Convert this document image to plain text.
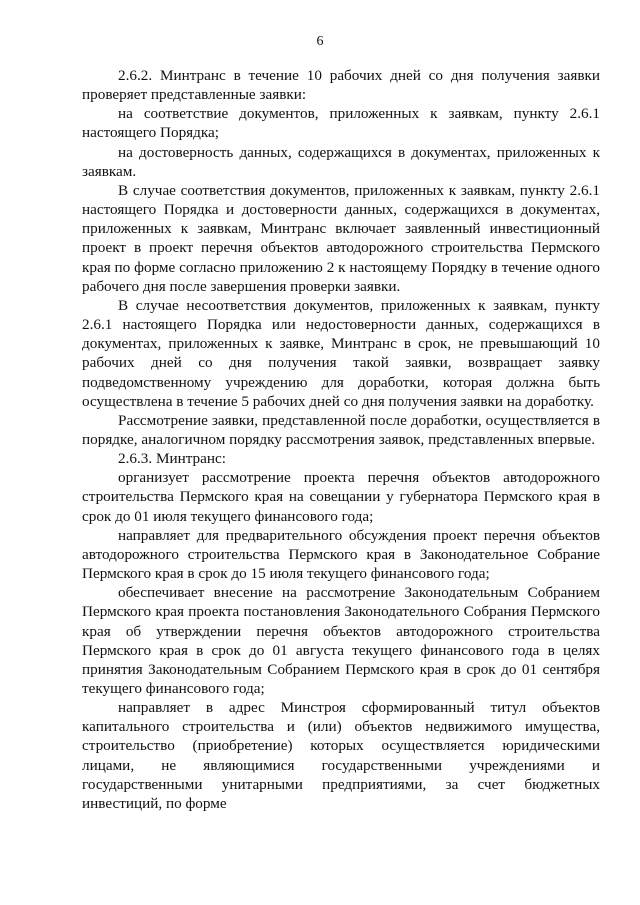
6

2.6.2. Минтранс в течение 10 рабочих дней со дня получения заявки проверяет представленные заявки:

на соответствие документов, приложенных к заявкам, пункту 2.6.1 настоящего Порядка;

на достоверность данных, содержащихся в документах, приложенных к заявкам.

В случае соответствия документов, приложенных к заявкам, пункту 2.6.1 настоящего Порядка и достоверности данных, содержащихся в документах, приложенных к заявкам, Минтранс включает заявленный инвестиционный проект в проект перечня объектов автодорожного строительства Пермского края по форме согласно приложению 2 к настоящему Порядку в течение одного рабочего дня после завершения проверки заявки.

В случае несоответствия документов, приложенных к заявкам, пункту 2.6.1 настоящего Порядка или недостоверности данных, содержащихся в документах, приложенных к заявке, Минтранс в срок, не превышающий 10 рабочих дней со дня получения такой заявки, возвращает заявку подведомственному учреждению для доработки, которая должна быть осуществлена в течение 5 рабочих дней со дня получения заявки на доработку.

Рассмотрение заявки, представленной после доработки, осуществляется в порядке, аналогичном порядку рассмотрения заявок, представленных впервые.

2.6.3. Минтранс:

организует рассмотрение проекта перечня объектов автодорожного строительства Пермского края на совещании у губернатора Пермского края в срок до 01 июля текущего финансового года;

направляет для предварительного обсуждения проект перечня объектов автодорожного строительства Пермского края в Законодательное Собрание Пермского края в срок до 15 июля текущего финансового года;

обеспечивает внесение на рассмотрение Законодательным Собранием Пермского края проекта постановления Законодательного Собрания Пермского края об утверждении перечня объектов автодорожного строительства Пермского края в срок до 01 августа текущего финансового года в целях принятия Законодательным Собранием Пермского края в срок до 01 сентября текущего финансового года;

направляет в адрес Минстроя сформированный титул объектов капитального строительства и (или) объектов недвижимого имущества, строительство (приобретение) которых осуществляется юридическими лицами, не являющимися государственными учреждениями и государственными унитарными предприятиями, за счет бюджетных инвестиций, по форме
